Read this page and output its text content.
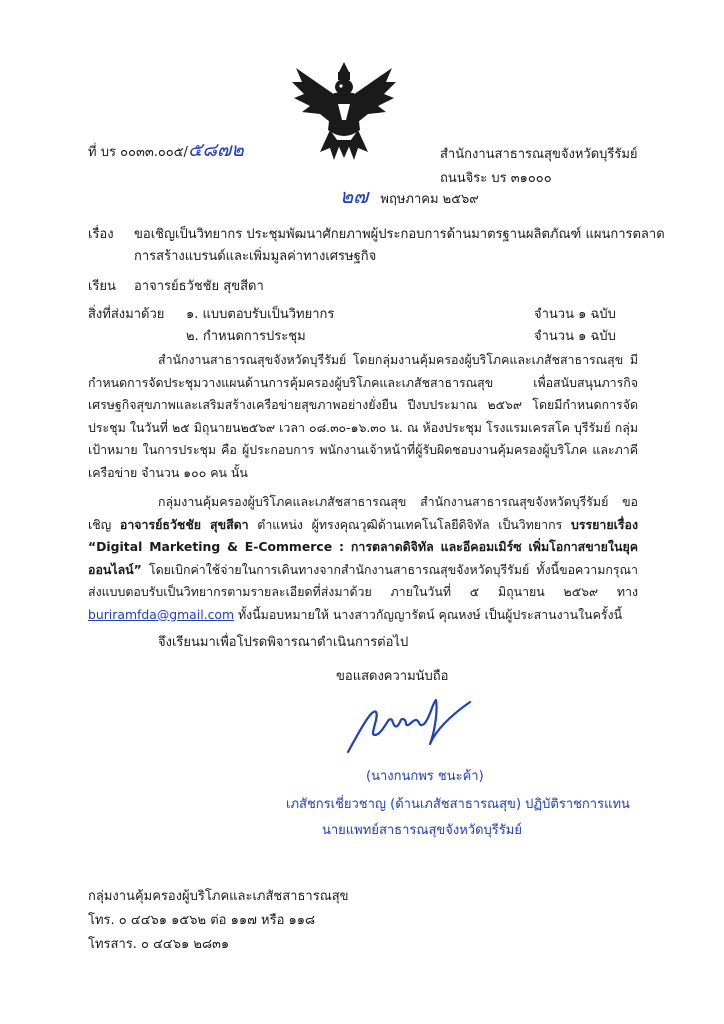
ที่ บร ๐๐๓๓.๐๐๕/๕๘๗๒	สำนักงานสาธารณสุขจังหวัดบุรีรัมย์
ถนนจิระ บร ๓๑๐๐๐
๒๗ พฤษภาคม ๒๕๖๙
เรื่อง ขอเชิญเป็นวิทยากร ประชุมพัฒนาศักยภาพผู้ประกอบการด้านมาตรฐานผลิตภัณฑ์ แผนการตลาด
การสร้างแบรนด์และเพิ่มมูลค่าทางเศรษฐกิจ
เรียน อาจารย์ธวัชชัย สุขสีดา
สิ่งที่ส่งมาด้วย ๑. แบบตอบรับเป็นวิทยากร	จำนวน ๑ ฉบับ
๒. กำหนดการประชุม	จำนวน ๑ ฉบับ
สำนักงานสาธารณสุขจังหวัดบุรีรัมย์ โดยกลุ่มงานคุ้มครองผู้บริโภคและเภสัชสาธารณสุข มีกำหนดการจัดประชุมวางแผนด้านการคุ้มครองผู้บริโภคและเภสัชสาธารณสุข เพื่อสนับสนุนภารกิจเศรษฐกิจสุขภาพและเสริมสร้างเครือข่ายสุขภาพอย่างยั่งยืน ปีงบประมาณ ๒๕๖๙ โดยมีกำหนดการจัดประชุม ในวันที่ ๒๕ มิถุนายน๒๕๖๙ เวลา ๐๘.๓๐-๑๖.๓๐ น. ณ ห้องประชุม โรงแรมเครสโค บุรีรัมย์ กลุ่มเป้าหมาย ในการประชุม คือ ผู้ประกอบการ พนักงานเจ้าหน้าที่ผู้รับผิดชอบงานคุ้มครองผู้บริโภค และภาคีเครือข่าย จำนวน ๑๐๐ คน นั้น
กลุ่มงานคุ้มครองผู้บริโภคและเภสัชสาธารณสุข สำนักงานสาธารณสุขจังหวัดบุรีรัมย์ ขอเชิญ อาจารย์ธวัชชัย สุขสีดา ตำแหน่ง ผู้ทรงคุณวุฒิด้านเทคโนโลยีดิจิทัล เป็นวิทยากร บรรยายเรื่อง “Digital Marketing & E-Commerce : การตลาดดิจิทัล และอีคอมเมิร์ซ เพิ่มโอกาสขายในยุคออนไลน์” โดยเบิกค่าใช้จ่ายในการเดินทางจากสำนักงานสาธารณสุขจังหวัดบุรีรัมย์ ทั้งนี้ขอความกรุณาส่งแบบตอบรับเป็นวิทยากรตามรายละเอียดที่ส่งมาด้วย ภายในวันที่ ๕ มิถุนายน ๒๕๖๙ ทาง buriramfda@gmail.com ทั้งนี้มอบหมายให้ นางสาวกัญญารัตน์ คุณหงษ์ เป็นผู้ประสานงานในครั้งนี้
จึงเรียนมาเพื่อโปรดพิจารณาดำเนินการต่อไป
ขอแสดงความนับถือ
(นางกนกพร ชนะค้า)
เภสัชกรเชี่ยวชาญ (ด้านเภสัชสาธารณสุข) ปฏิบัติราชการแทน
นายแพทย์สาธารณสุขจังหวัดบุรีรัมย์
กลุ่มงานคุ้มครองผู้บริโภคและเภสัชสาธารณสุข
โทร. ๐ ๔๔๖๑ ๑๕๖๒ ต่อ ๑๑๗ หรือ ๑๑๘
โทรสาร. ๐ ๔๔๖๑ ๒๘๓๑
